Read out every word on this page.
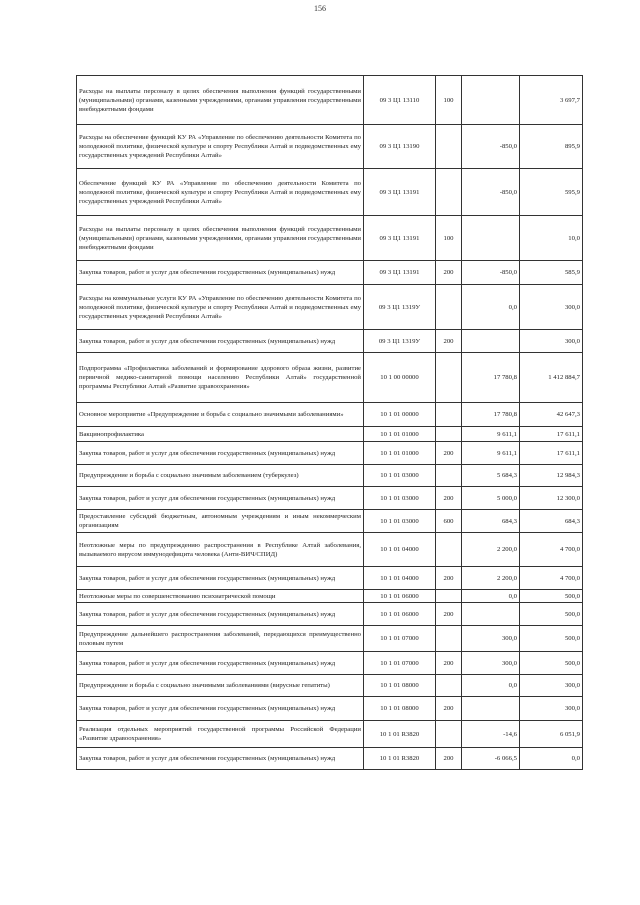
156
Расходы на выплаты персоналу в целях обеспечения выполнения функций государственными (муниципальными) органами, казенными учреждениями, органами управления государственными внебюджетными фондами	09 3 Ц1 13110	100		3 697,7
Расходы на обеспечение функций КУ РА «Управление по обеспечению деятельности Комитета по молодежной политике, физической культуре и спорту Республики Алтай и подведомственных ему государственных учреждений Республики Алтай»	09 3 Ц1 13190		-850,0	895,9
Обеспечение функций КУ РА «Управление по обеспечению деятельности Комитета по молодежной политике, физической культуре и спорту Республики Алтай и подведомственных ему государственных учреждений Республики Алтай»	09 3 Ц1 13191		-850,0	595,9
Расходы на выплаты персоналу в целях обеспечения выполнения функций государственными (муниципальными) органами, казенными учреждениями, органами управления государственными внебюджетными фондами	09 3 Ц1 13191	100		10,0
Закупка товаров, работ и услуг для обеспечения государственных (муниципальных) нужд	09 3 Ц1 13191	200	-850,0	585,9
Расходы на коммунальные услуги КУ РА «Управление по обеспечению деятельности Комитета по молодежной политике, физической культуре и спорту Республики Алтай и подведомственных ему государственных учреждений Республики Алтай»	09 3 Ц1 1319У		0,0	300,0
Закупка товаров, работ и услуг для обеспечения государственных (муниципальных) нужд	09 3 Ц1 1319У	200		300,0
Подпрограмма «Профилактика заболеваний и формирование здорового образа жизни, развитие первичной медико-санитарной помощи населению Республики Алтай» государственной программы Республики Алтай «Развитие здравоохранения»	10 1 00 00000		17 780,8	1 412 884,7
Основное мероприятие «Предупреждение и борьба с социально значимыми заболеваниями»	10 1 01 00000		17 780,8	42 647,3
Вакцинопрофилактика	10 1 01 01000		9 611,1	17 611,1
Закупка товаров, работ и услуг для обеспечения государственных (муниципальных) нужд	10 1 01 01000	200	9 611,1	17 611,1
Предупреждение и борьба с социально значимым заболеванием (туберкулез)	10 1 01 03000		5 684,3	12 984,3
Закупка товаров, работ и услуг для обеспечения государственных (муниципальных) нужд	10 1 01 03000	200	5 000,0	12 300,0
Предоставление субсидий бюджетным, автономным учреждениям и иным некоммерческим организациям	10 1 01 03000	600	684,3	684,3
Неотложные меры по предупреждению распространения в Республике Алтай заболевания, вызываемого вирусом иммунодефицита человека (Анти-ВИЧ/СПИД)	10 1 01 04000		2 200,0	4 700,0
Закупка товаров, работ и услуг для обеспечения государственных (муниципальных) нужд	10 1 01 04000	200	2 200,0	4 700,0
Неотложные меры по совершенствованию психиатрической помощи	10 1 01 06000		0,0	500,0
Закупка товаров, работ и услуг для обеспечения государственных (муниципальных) нужд	10 1 01 06000	200		500,0
Предупреждение дальнейшего распространения заболеваний, передающихся преимущественно половым путем	10 1 01 07000		300,0	500,0
Закупка товаров, работ и услуг для обеспечения государственных (муниципальных) нужд	10 1 01 07000	200	300,0	500,0
Предупреждение и борьба с социально значимыми заболеваниями (вирусные гепатиты)	10 1 01 08000		0,0	300,0
Закупка товаров, работ и услуг для обеспечения государственных (муниципальных) нужд	10 1 01 08000	200		300,0
Реализация отдельных мероприятий государственной программы Российской Федерации «Развитие здравоохранения»	10 1 01 R3820		-14,6	6 051,9
Закупка товаров, работ и услуг для обеспечения государственных (муниципальных) нужд	10 1 01 R3820	200	-6 066,5	0,0
